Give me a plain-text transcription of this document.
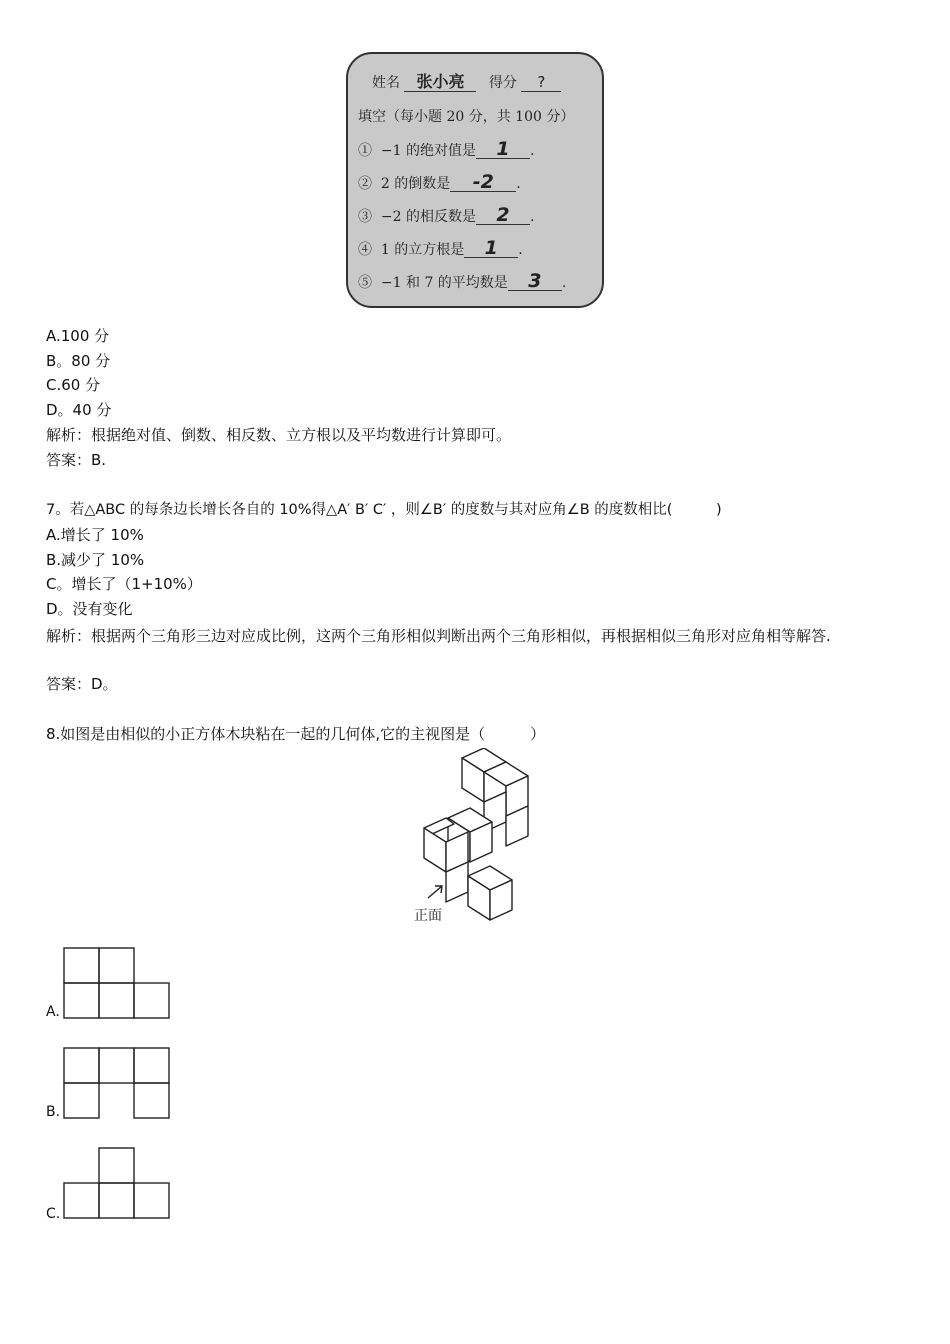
姓名 张小亮 得分 ?
填空（每小题 20 分，共 100 分）
① −1 的绝对值是 1 .
② 2 的倒数是 -2 .
③ −2 的相反数是 2 .
④ 1 的立方根是 1 .
⑤ −1 和 7 的平均数是 3 .
A.100 分
B。80 分
C.60 分
D。40 分
解析：根据绝对值、倒数、相反数、立方根以及平均数进行计算即可。
答案：B.
7。若△ABC 的每条边长增长各自的 10%得△A′ B′ C′ ，则∠B′ 的度数与其对应角∠B 的度数相比(　　　)
A.增长了 10%
B.减少了 10%
C。增长了（1+10%）
D。没有变化
解析：根据两个三角形三边对应成比例，这两个三角形相似判断出两个三角形相似，再根据相似三角形对应角相等解答.
答案：D。
8.如图是由相似的小正方体木块粘在一起的几何体,它的主视图是（　　　）
正面
A.
B.
C.
